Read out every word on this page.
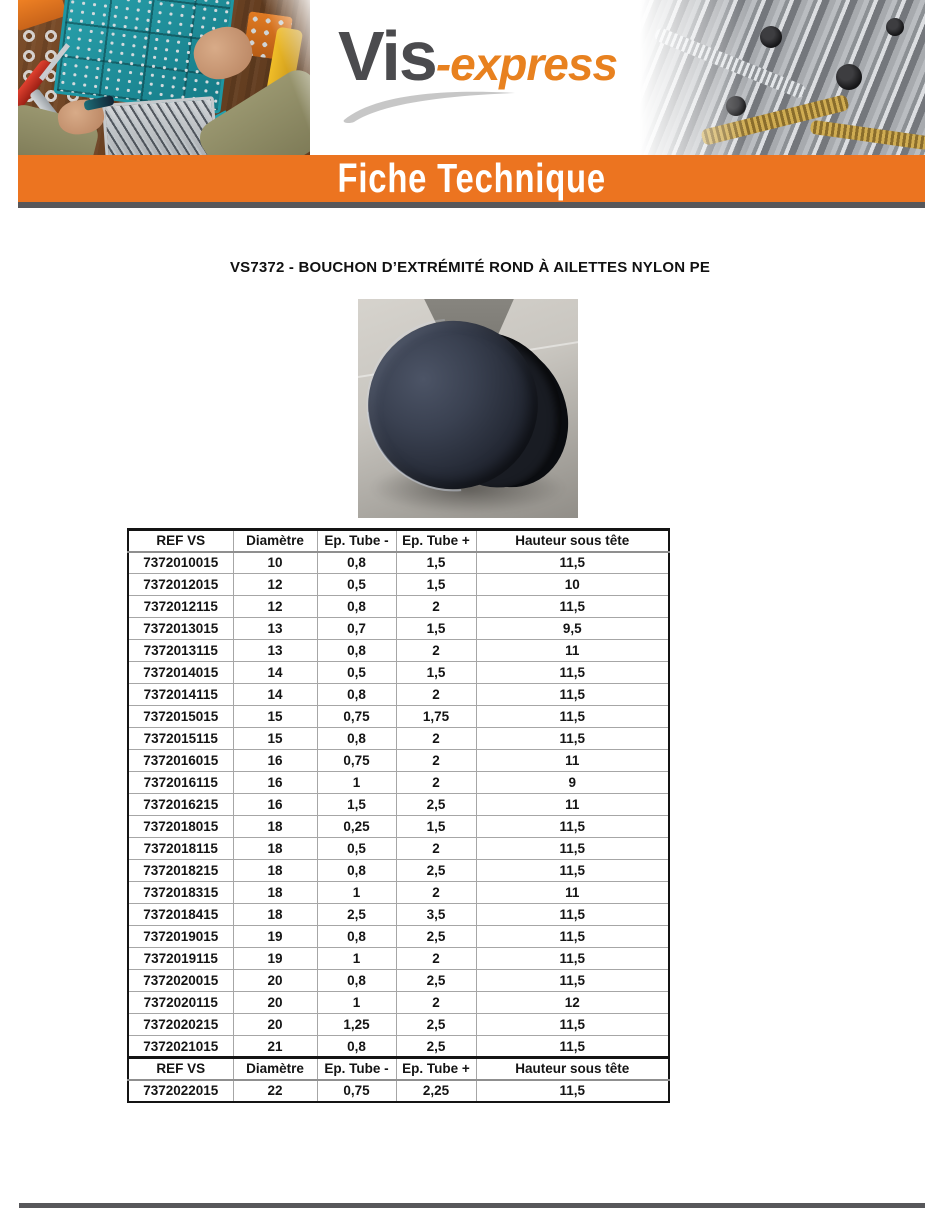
Vis-express
Fiche Technique
VS7372 - BOUCHON D’EXTRÉMITÉ ROND À AILETTES NYLON PE
REF VS	Diamètre	Ep. Tube -	Ep. Tube +	Hauteur sous tête
7372010015	10	0,8	1,5	11,5
7372012015	12	0,5	1,5	10
7372012115	12	0,8	2	11,5
7372013015	13	0,7	1,5	9,5
7372013115	13	0,8	2	11
7372014015	14	0,5	1,5	11,5
7372014115	14	0,8	2	11,5
7372015015	15	0,75	1,75	11,5
7372015115	15	0,8	2	11,5
7372016015	16	0,75	2	11
7372016115	16	1	2	9
7372016215	16	1,5	2,5	11
7372018015	18	0,25	1,5	11,5
7372018115	18	0,5	2	11,5
7372018215	18	0,8	2,5	11,5
7372018315	18	1	2	11
7372018415	18	2,5	3,5	11,5
7372019015	19	0,8	2,5	11,5
7372019115	19	1	2	11,5
7372020015	20	0,8	2,5	11,5
7372020115	20	1	2	12
7372020215	20	1,25	2,5	11,5
7372021015	21	0,8	2,5	11,5
REF VS	Diamètre	Ep. Tube -	Ep. Tube +	Hauteur sous tête
7372022015	22	0,75	2,25	11,5
